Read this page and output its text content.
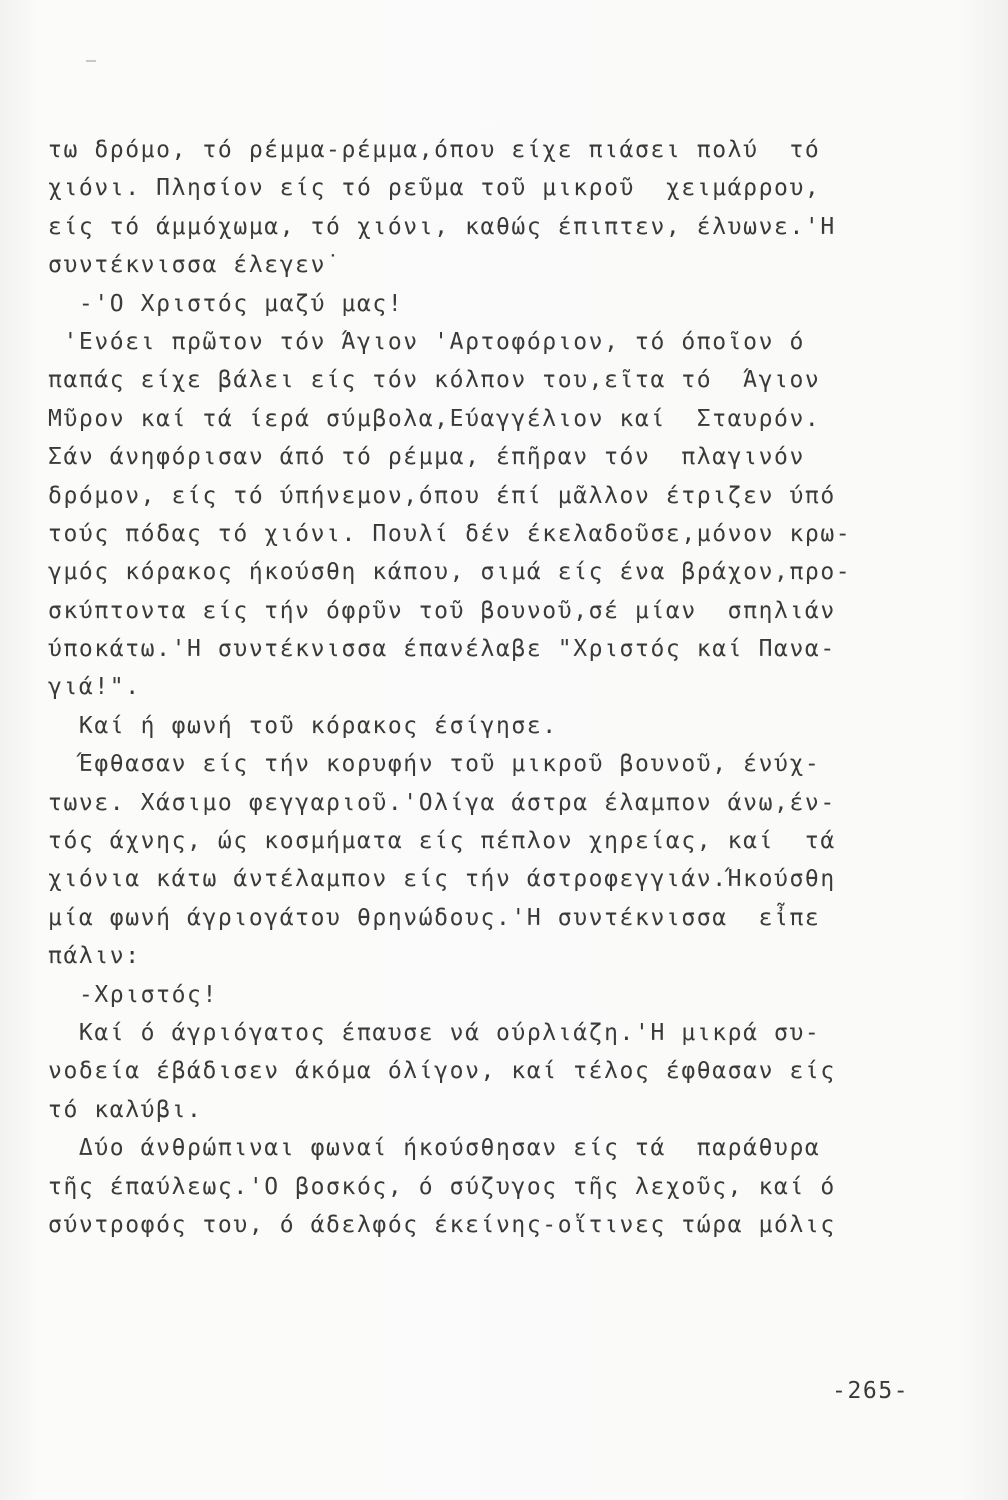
τω δρόμο, τό ρέμμα-ρέμμα,όπου είχε πιάσει πολύ  τό
χιόνι. Πλησίον είς τό ρεῦμα τοῦ μικροῦ  χειμάρρου,
είς τό άμμόχωμα, τό χιόνι, καθώς έπιπτεν, έλυωνε.'Η
συντέκνισσα έλεγεν˙
-'Ο Χριστός μαζύ μας!
'Ενόει πρῶτον τόν Άγιον 'Αρτοφόριον, τό όποῖον ό
παπάς είχε βάλει είς τόν κόλπον του,εῖτα τό  Άγιον
Μῦρον καί τά ίερά σύμβολα,Εύαγγέλιον καί  Σταυρόν.
Σάν άνηφόρισαν άπό τό ρέμμα, έπῆραν τόν  πλαγινόν
δρόμον, είς τό ύπήνεμον,όπου έπί μᾶλλον έτριζεν ύπό
τούς πόδας τό χιόνι. Πουλί δέν έκελαδοῦσε,μόνον κρω-
γμός κόρακος ήκούσθη κάπου, σιμά είς ένα βράχον,προ-
σκύπτοντα είς τήν όφρῦν τοῦ βουνοῦ,σέ μίαν  σπηλιάν
ύποκάτω.'Η συντέκνισσα έπανέλαβε "Χριστός καί Πανα-
γιά!".
Καί ή φωνή τοῦ κόρακος έσίγησε.
Έφθασαν είς τήν κορυφήν τοῦ μικροῦ βουνοῦ, ένύχ-
τωνε. Χάσιμο φεγγαριοῦ.'Ολίγα άστρα έλαμπον άνω,έν-
τός άχνης, ώς κοσμήματα είς πέπλον χηρείας, καί  τά
χιόνια κάτω άντέλαμπον είς τήν άστροφεγγιάν.Ήκούσθη
μία φωνή άγριογάτου θρηνώδους.'Η συντέκνισσα  εἶπε
πάλιν:
-Χριστός!
Καί ό άγριόγατος έπαυσε νά ούρλιάζη.'Η μικρά συ-
νοδεία έβάδισεν άκόμα όλίγον, καί τέλος έφθασαν είς
τό καλύβι.
Δύο άνθρώπιναι φωναί ήκούσθησαν είς τά  παράθυρα
τῆς έπαύλεως.'Ο βοσκός, ό σύζυγος τῆς λεχοῦς, καί ό
σύντροφός του, ό άδελφός έκείνης-οἵτινες τώρα μόλις
-265-
